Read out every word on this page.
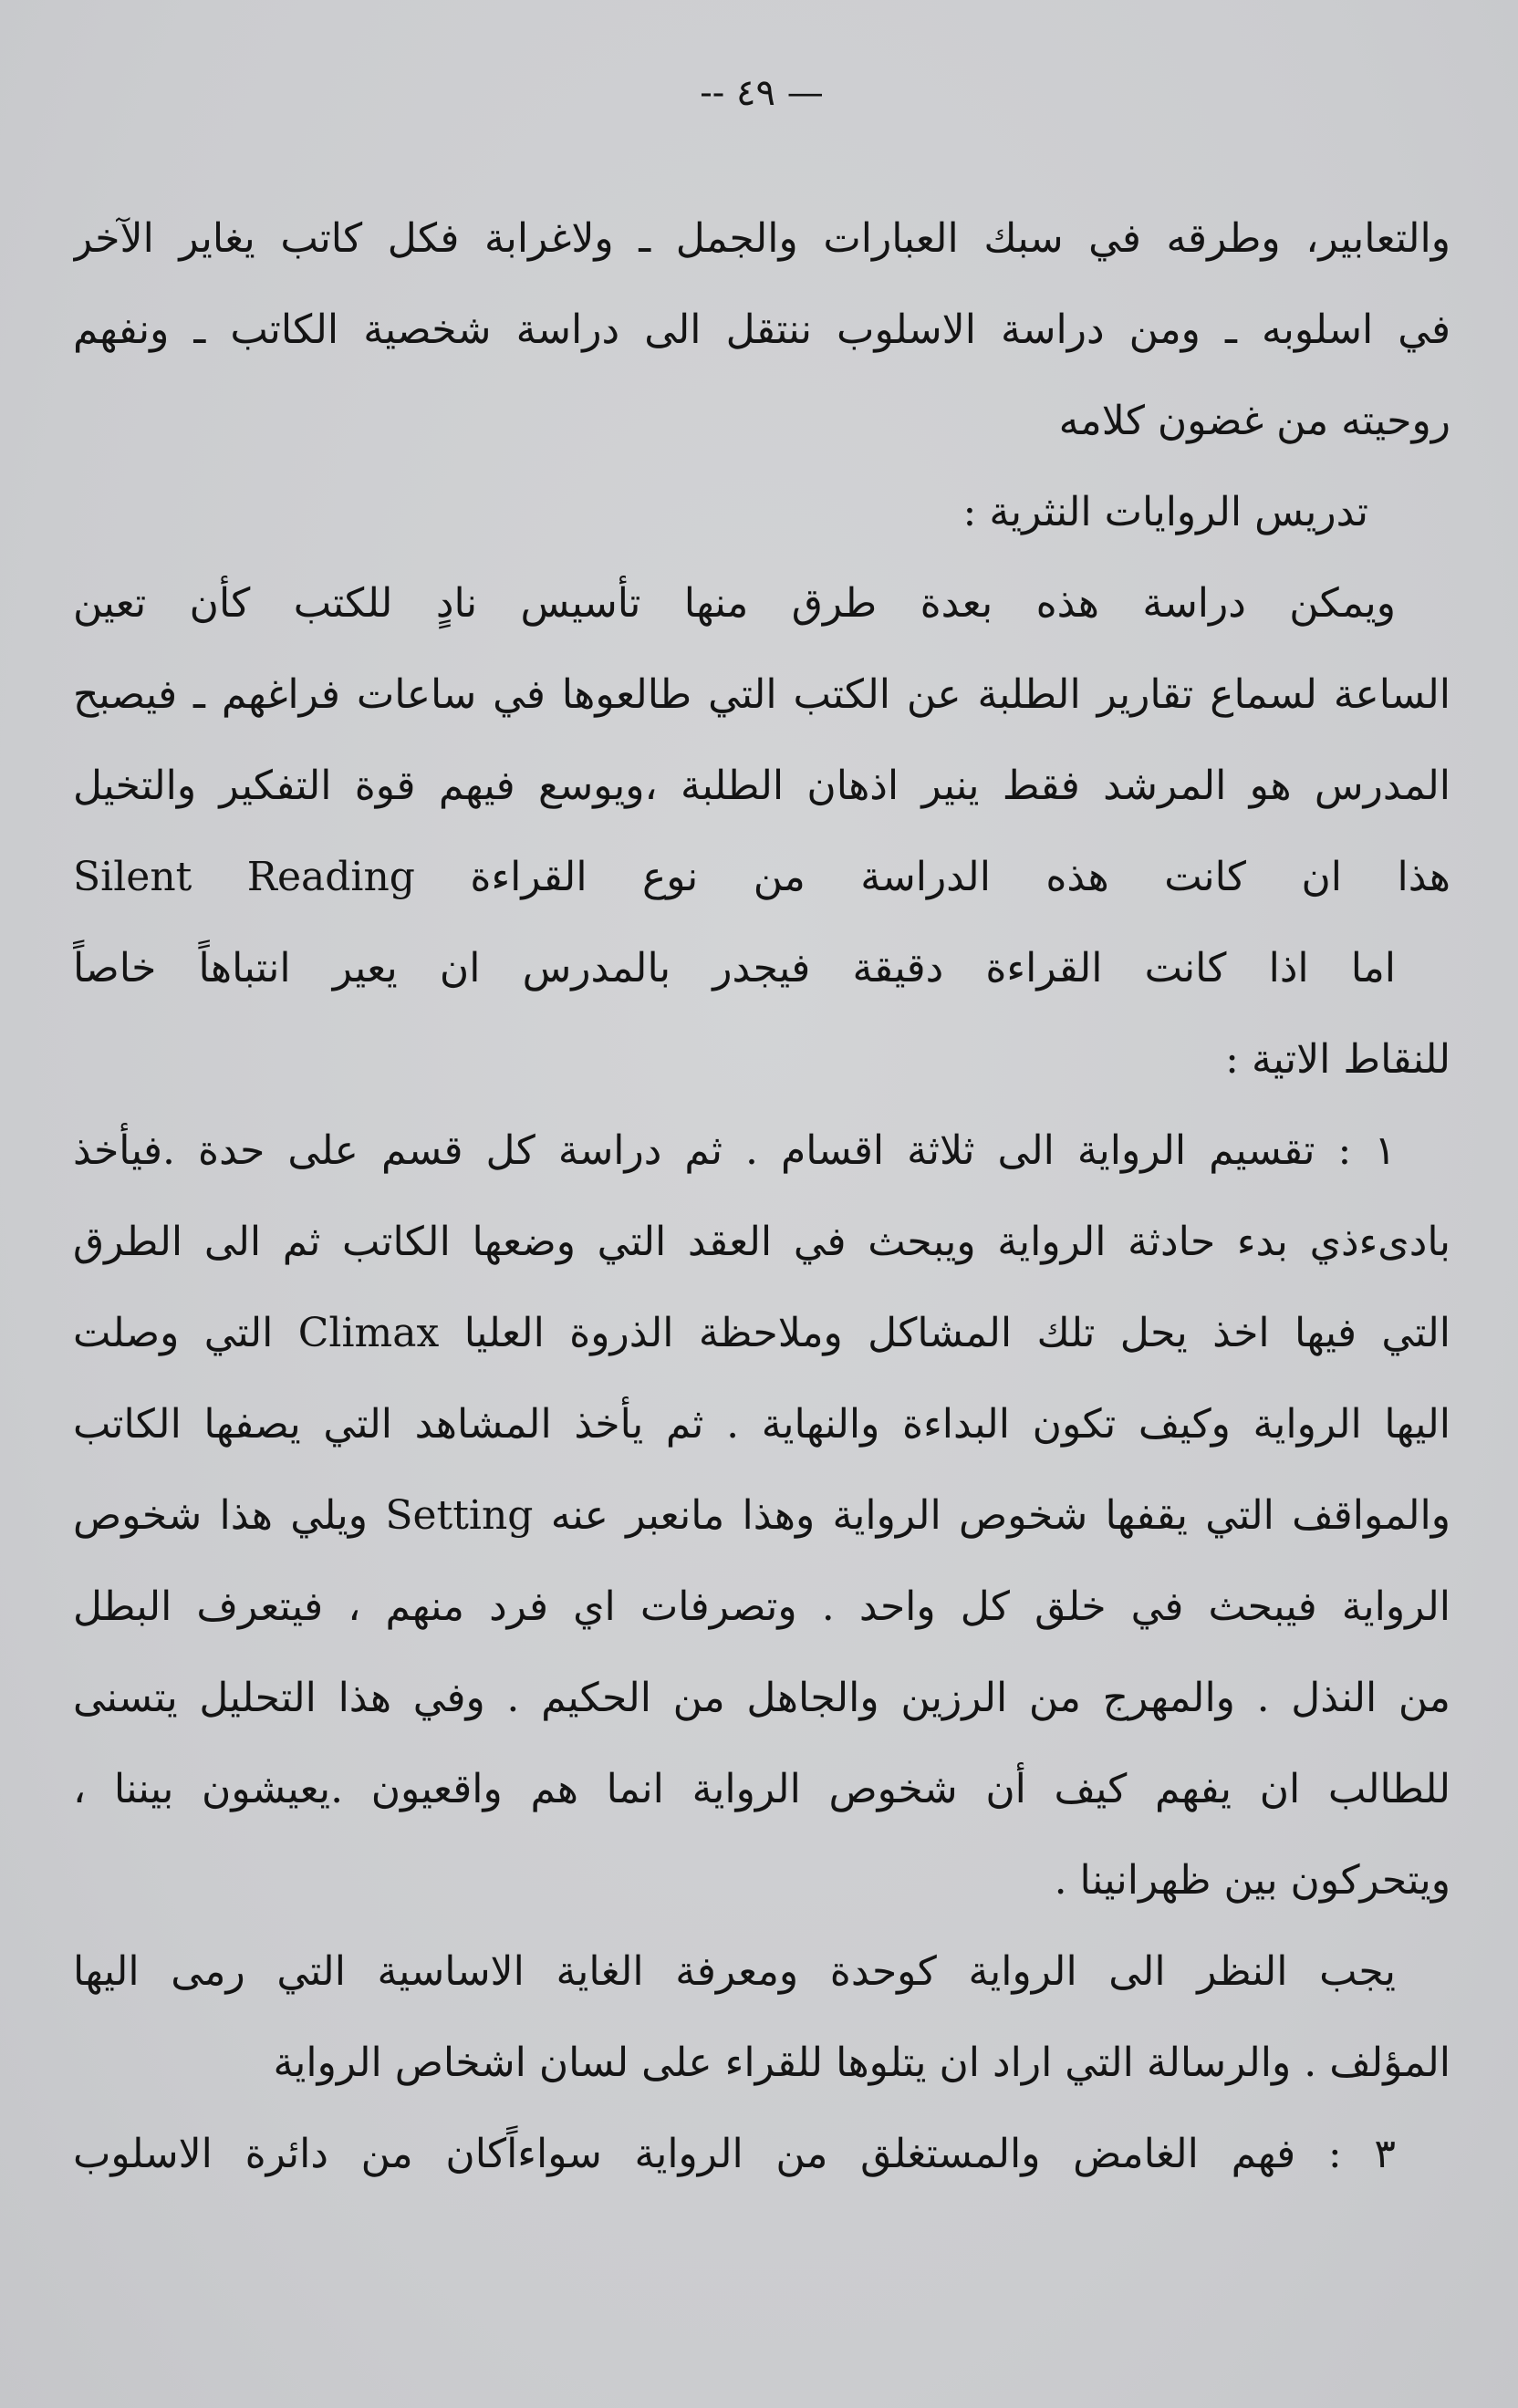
— ٤٩ --
والتعابير، وطرقه في سبك العبارات والجمل ـ ولاغرابة فكل كاتب يغاير الآخر
في اسلوبه ـ ومن دراسة الاسلوب ننتقل الى دراسة شخصية الكاتب ـ ونفهم
روحيته من غضون كلامه
تدريس الروايات النثرية :
ويمكن دراسة هذه بعدة طرق منها تأسيس نادٍ للكتب كأن تعين
الساعة لسماع تقارير الطلبة عن الكتب التي طالعوها في ساعات فراغهم ـ فيصبح
المدرس هو المرشد فقط ينير اذهان الطلبة ،ويوسع فيهم قوة التفكير والتخيل
هذا ان كانت هذه الدراسة من نوع القراءة Silent Reading
اما اذا كانت القراءة دقيقة فيجدر بالمدرس ان يعير انتباهاً خاصاً
للنقاط الاتية :
١ : تقسيم الرواية الى ثلاثة اقسام . ثم دراسة كل قسم على حدة .فيأخذ
بادىءذي بدء حادثة الرواية ويبحث في العقد التي وضعها الكاتب ثم الى الطرق
التي فيها اخذ يحل تلك المشاكل وملاحظة الذروة العليا Climax التي وصلت
اليها الرواية وكيف تكون البداءة والنهاية . ثم يأخذ المشاهد التي يصفها الكاتب
والمواقف التي يقفها شخوص الرواية وهذا مانعبر عنه Setting ويلي هذا شخوص
الرواية فيبحث في خلق كل واحد . وتصرفات اي فرد منهم ، فيتعرف البطل
من النذل . والمهرج من الرزين والجاهل من الحكيم . وفي هذا التحليل يتسنى
للطالب ان يفهم كيف أن شخوص الرواية انما هم واقعيون .يعيشون بيننا ،
ويتحركون بين ظهرانينا .
يجب النظر الى الرواية كوحدة ومعرفة الغاية الاساسية التي رمى اليها
المؤلف . والرسالة التي اراد ان يتلوها للقراء على لسان اشخاص الرواية
٣ : فهم الغامض والمستغلق من الرواية سواءاًكان من دائرة الاسلوب
